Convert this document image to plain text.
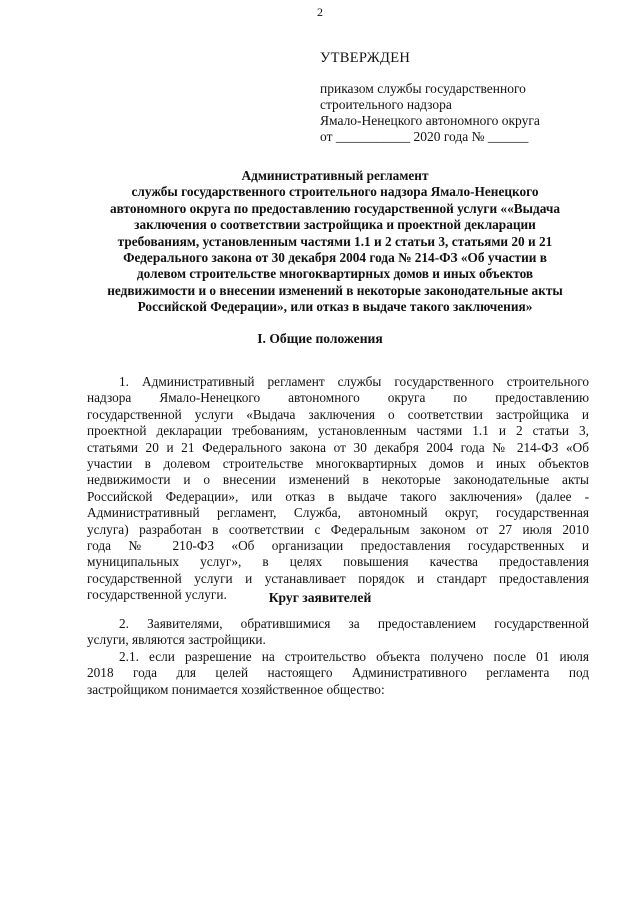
2
УТВЕРЖДЕН
приказом службы государственного
строительного надзора
Ямало-Ненецкого автономного округа
от ___________ 2020 года № ______
Административный регламент
службы государственного строительного надзора Ямало-Ненецкого
автономного округа по предоставлению государственной услуги ««Выдача
заключения о соответствии застройщика и проектной декларации
требованиям, установленным частями 1.1 и 2 статьи 3, статьями 20 и 21
Федерального закона от 30 декабря 2004 года № 214-ФЗ «Об участии в
долевом строительстве многоквартирных домов и иных объектов
недвижимости и о внесении изменений в некоторые законодательные акты
Российской Федерации», или отказ в выдаче такого заключения»
I. Общие положения
1. Административный регламент службы государственного строительного
надзора Ямало-Ненецкого автономного округа по предоставлению
государственной услуги «Выдача заключения о соответствии застройщика и
проектной декларации требованиям, установленным частями 1.1 и 2 статьи 3,
статьями 20 и 21 Федерального закона от 30 декабря 2004 года № 214-ФЗ «Об
участии в долевом строительстве многоквартирных домов и иных объектов
недвижимости и о внесении изменений в некоторые законодательные акты
Российской Федерации», или отказ в выдаче такого заключения» (далее -
Административный регламент, Служба, автономный округ, государственная
услуга) разработан в соответствии с Федеральным законом от 27 июля 2010
года № 210-ФЗ «Об организации предоставления государственных и
муниципальных услуг», в целях повышения качества предоставления
государственной услуги и устанавливает порядок и стандарт предоставления
государственной услуги.	Круг заявителей
2. Заявителями, обратившимися за предоставлением государственной
услуги, являются застройщики.
2.1. если разрешение на строительство объекта получено после 01 июля
2018 года для целей настоящего Административного регламента под
застройщиком понимается хозяйственное общество:
